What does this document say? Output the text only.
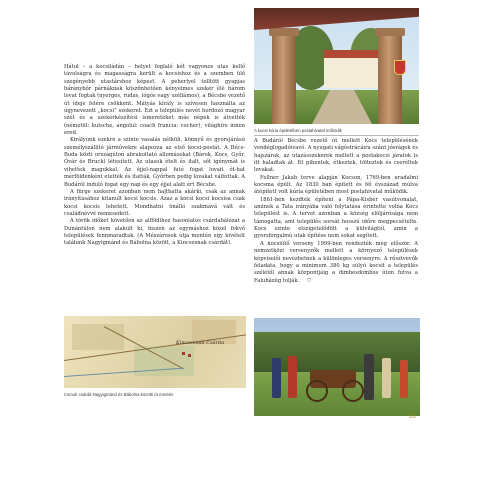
Hátul – a kocsiládán – helyet foglaló két vagyonos utas kellő távolságra és magasságra került a kocsishoz és a szemben ülő szegényebb utastárshoz képest. A peherlyel tolltött gyapjas báránybőr párnáknak köszönhetően kényelmes szekér élé három lovat fogtak (nyerges, rudas, lógós vagy széllámos), a Bécsbe vezető út ideje felére csökkent. Mátyás király is szívesen használta az úgynevezett „kocsi” szekeret. Ezt a település nevét hordozó magyar szót és a szekérkészítési ismereteket más népek is átvették (németül: kutsche, angolul: coach francia: cocher), világhíre innen ered.

Királyunk ezekre a szinte vasalás nélküli, könnyű és gyorsjárású személyszállító járművekre alapozza az első kocsi-postát. A Bécs-Buda közti országúton abrakoltató állomásokat (Bárok, Kocs, Győr, Óvár és Bruck) létesített. Az utasok ételt és italt, sőt igénymát is vihettek magukkal. Az éjjel-nappal futó fogat lovait ót-hat mérföldenként etették és itatták, Győrben pedig lovakat váltottak. A Budáról induló fogat egy nap és egy éjjel alatt ért Bécsbe.

A fürge szekeret azonban nem hajthatta akárki, csak az annak irányításához kitanult kocsi kocsis. Azaz a kocsi kocsi kocsisa csak kocsi kocsis lehetett. Mondhatni önálló szakmává vált és családnévvé nemesedett.

A török időket követően az alföldihez hasonlatos csárdahálózat a Dunántúlon nem alakult ki, hiszen az egymáshoz közel fekvő települések fennmaradtak. (A Mészárosok útja mentén egy kivételt találunk Nagyigmánd és Bábolna között, a Kincsesnak csárdát).

A kocsi kúria épületében postahivatal működik

A Budáról Bécsbe vezető út mellett Kocs településének vendéglogadóivavó. A nyugati vágóstrácáira szánt jósrágok és hajszárak, az utazásszekerek mellett a postakocsi járatok is itt haladtak át. Itt pihentek, étkeztek, tölteztek és cseréltek lovakat.

Fellner Jakab terve alapján Kocson, 1769-ben uradalmi kocsma épült. Az 1830 ban épített és fél évszázad múlva átépített volt kúria épületében most postahivatal működik.

1861-ben kezdték építeni a Pápa-Kisbér vasútvonalat, aminek a Tata irányába való folytatása érintette volna Kocs települést is. A tervet azonban a község elöljárósága nem támogatta, ami település sorsát hosszú időre megpecsételte. Kocs szinte elszigetelődött a külvilágtól, amin a gyorsforgalmú utak építése nem sokat segített.

A kocsiütő verseny 1999-ben rendezték meg először. A nemzetközi versenyzők mellett a környező települések képviselői nevezhetnek a különleges versenyre. A résztvevők feladata, hogy a minimum 380 kg súlyú kocsit a település szélétől annak központjáig a dimbesdombos úton futva a Faluháziig tolják. ⛉

Kincsesnak Csárda

Csmok csárdá Nagyigmánd és Bábolna közötti út mentén

33
